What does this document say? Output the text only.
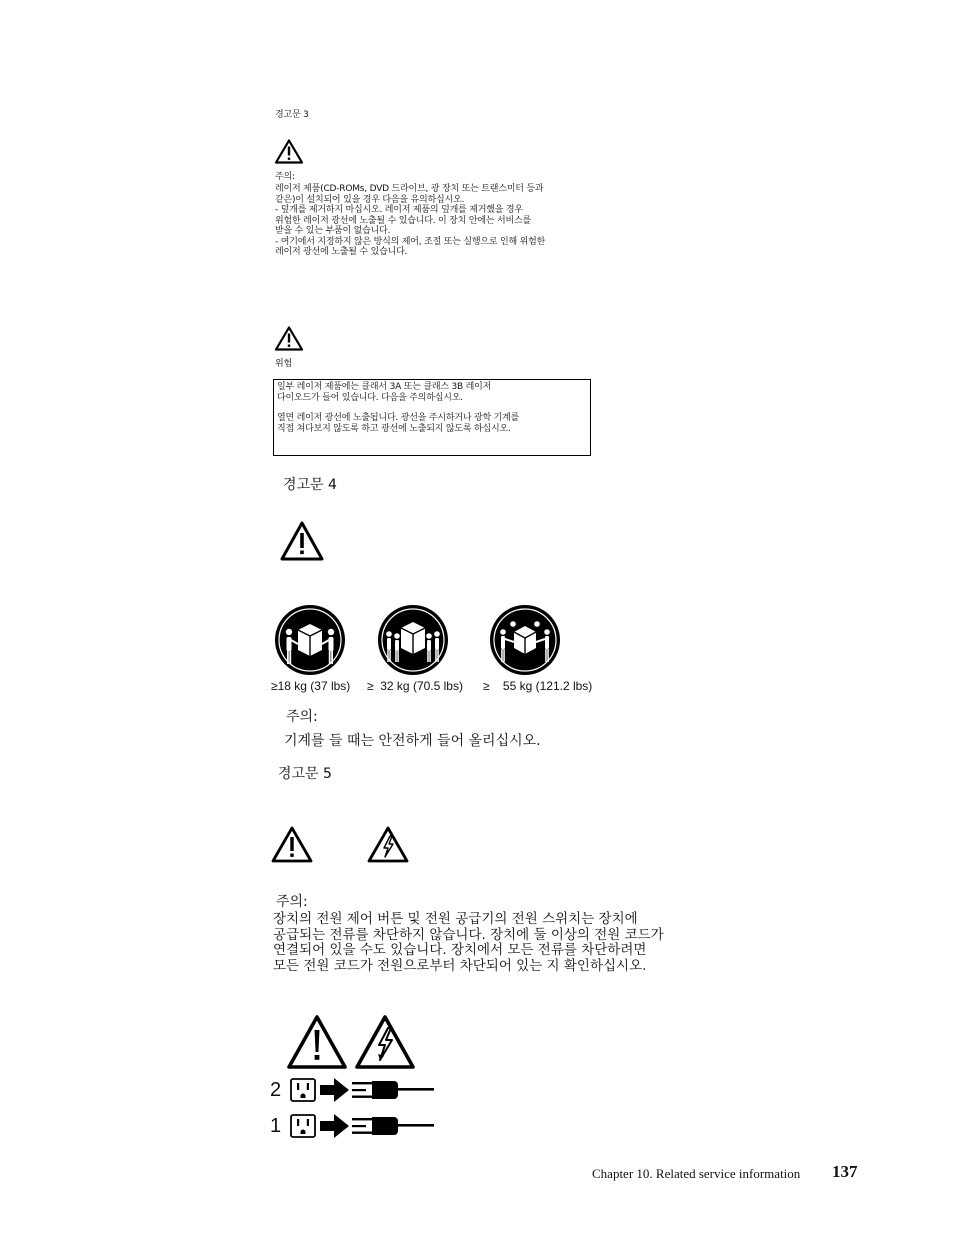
경고문 3
주의:
레이저 제품(CD-ROMs, DVD 드라이브, 광 장치 또는 트랜스미터 등과
같은)이 설치되어 있을 경우 다음을 유의하십시오.
- 덮개를 제거하지 마십시오. 레이저 제품의 덮개를 제거했을 경우
위험한 레이저 광선에 노출될 수 있습니다. 이 장치 안에는 서비스를
받을 수 있는 부품이 없습니다.
- 여기에서 지정하지 않은 방식의 제어, 조절 또는 실행으로 인해 위험한
레이저 광선에 노출될 수 있습니다.
위험
일부 레이저 제품에는 클래서 3A 또는 클래스 3B 레이저
다이오드가 들어 있습니다. 다음을 주의하십시오.
열면 레이저 광선에 노출됩니다. 광선을 주시하거나 광학 기계를
직접 쳐다보지 않도록 하고 광선에 노출되지 않도록 하십시오.
경고문 4
≥18 kg (37 lbs) ≥  32 kg (70.5 lbs) ≥    55 kg (121.2 lbs)
주의:
기계를 들 때는 안전하게 들어 올리십시오.
경고문 5
주의:
장치의 전원 제어 버튼 및 전원 공급기의 전원 스위치는 장치에
공급되는 전류를 차단하지 않습니다. 장치에 둘 이상의 전원 코드가
연결되어 있을 수도 있습니다. 장치에서 모든 전류를 차단하려면
모든 전원 코드가 전원으로부터 차단되어 있는 지 확인하십시오.
2
1
Chapter 10. Related service information 137
